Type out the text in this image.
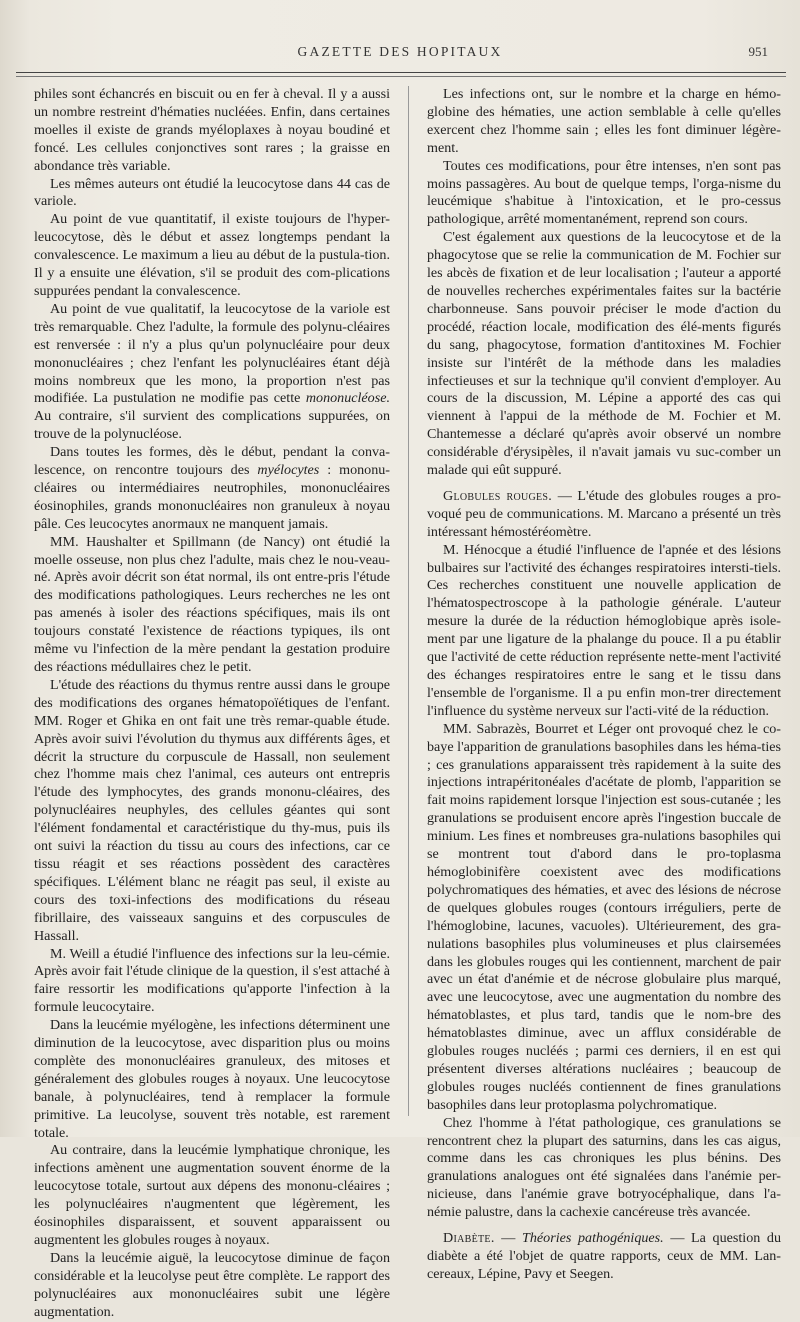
GAZETTE DES HOPITAUX	951

philes sont échancrés en biscuit ou en fer à cheval. Il y a aussi un nombre restreint d'hématies nucléées. Enfin, dans certaines moelles il existe de grands myéloplaxes à noyau boudiné et foncé. Les cellules conjonctives sont rares ; la graisse en abondance très variable.

Les mêmes auteurs ont étudié la leucocytose dans 44 cas de variole.

Au point de vue quantitatif, il existe toujours de l'hyper-leucocytose, dès le début et assez longtemps pendant la convalescence. Le maximum a lieu au début de la pustula-tion. Il y a ensuite une élévation, s'il se produit des com-plications suppurées pendant la convalescence.

Au point de vue qualitatif, la leucocytose de la variole est très remarquable. Chez l'adulte, la formule des polynu-cléaires est renversée : il n'y a plus qu'un polynucléaire pour deux mononucléaires ; chez l'enfant les polynucléaires étant déjà moins nombreux que les mono, la proportion n'est pas modifiée. La pustulation ne modifie pas cette mononucléose. Au contraire, s'il survient des complications suppurées, on trouve de la polynucléose.

Dans toutes les formes, dès le début, pendant la conva-lescence, on rencontre toujours des myélocytes : mononu-cléaires ou intermédiaires neutrophiles, mononucléaires éosinophiles, grands mononucléaires non granuleux à noyau pâle. Ces leucocytes anormaux ne manquent jamais.

MM. Haushalter et Spillmann (de Nancy) ont étudié la moelle osseuse, non plus chez l'adulte, mais chez le nou-veau-né. Après avoir décrit son état normal, ils ont entre-pris l'étude des modifications pathologiques. Leurs recherches ne les ont pas amenés à isoler des réactions spécifiques, mais ils ont toujours constaté l'existence de réactions typiques, ils ont même vu l'infection de la mère pendant la gestation produire des réactions médullaires chez le petit.

L'étude des réactions du thymus rentre aussi dans le groupe des modifications des organes hématopoïétiques de l'enfant. MM. Roger et Ghika en ont fait une très remar-quable étude. Après avoir suivi l'évolution du thymus aux différents âges, et décrit la structure du corpuscule de Hassall, non seulement chez l'homme mais chez l'animal, ces auteurs ont entrepris l'étude des lymphocytes, des grands mononu-cléaires, des polynucléaires neuphyles, des cellules géantes qui sont l'élément fondamental et caractéristique du thy-mus, puis ils ont suivi la réaction du tissu au cours des infections, car ce tissu réagit et ses réactions possèdent des caractères spécifiques. L'élément blanc ne réagit pas seul, il existe au cours des toxi-infections des modifications du réseau fibrillaire, des vaisseaux sanguins et des corpuscules de Hassall.

M. Weill a étudié l'influence des infections sur la leu-cémie. Après avoir fait l'étude clinique de la question, il s'est attaché à faire ressortir les modifications qu'apporte l'infection à la formule leucocytaire.

Dans la leucémie myélogène, les infections déterminent une diminution de la leucocytose, avec disparition plus ou moins complète des mononucléaires granuleux, des mitoses et généralement des globules rouges à noyaux. Une leucocytose banale, à polynucléaires, tend à remplacer la formule primitive. La leucolyse, souvent très notable, est rarement totale.

Au contraire, dans la leucémie lymphatique chronique, les infections amènent une augmentation souvent énorme de la leucocytose totale, surtout aux dépens des mononu-cléaires ; les polynucléaires n'augmentent que légèrement, les éosinophiles disparaissent, et souvent apparaissent ou augmentent les globules rouges à noyaux.

Dans la leucémie aiguë, la leucocytose diminue de façon considérable et la leucolyse peut être complète. Le rapport des polynucléaires aux mononucléaires subit une légère augmentation.

Les infections ont, sur le nombre et la charge en hémo-globine des hématies, une action semblable à celle qu'elles exercent chez l'homme sain ; elles les font diminuer légère-ment.

Toutes ces modifications, pour être intenses, n'en sont pas moins passagères. Au bout de quelque temps, l'orga-nisme du leucémique s'habitue à l'intoxication, et le pro-cessus pathologique, arrêté momentanément, reprend son cours.

C'est également aux questions de la leucocytose et de la phagocytose que se relie la communication de M. Fochier sur les abcès de fixation et de leur localisation ; l'auteur a apporté de nouvelles recherches expérimentales faites sur la bactérie charbonneuse. Sans pouvoir préciser le mode d'action du procédé, réaction locale, modification des élé-ments figurés du sang, phagocytose, formation d'antitoxines M. Fochier insiste sur l'intérêt de la méthode dans les maladies infectieuses et sur la technique qu'il convient d'employer. Au cours de la discussion, M. Lépine a apporté des cas qui viennent à l'appui de la méthode de M. Fochier et M. Chantemesse a déclaré qu'après avoir observé un nombre considérable d'érysipèles, il n'avait jamais vu suc-comber un malade qui eût suppuré.

Globules rouges. — L'étude des globules rouges a pro-voqué peu de communications. M. Marcano a présenté un très intéressant hémostéréomètre.

M. Hénocque a étudié l'influence de l'apnée et des lésions bulbaires sur l'activité des échanges respiratoires intersti-tiels. Ces recherches constituent une nouvelle application de l'hématospectroscope à la pathologie générale. L'auteur mesure la durée de la réduction hémoglobique après isole-ment par une ligature de la phalange du pouce. Il a pu établir que l'activité de cette réduction représente nette-ment l'activité des échanges respiratoires entre le sang et le tissu dans l'ensemble de l'organisme. Il a pu enfin mon-trer directement l'influence du système nerveux sur l'acti-vité de la réduction.

MM. Sabrazès, Bourret et Léger ont provoqué chez le co-baye l'apparition de granulations basophiles dans les héma-ties ; ces granulations apparaissent très rapidement à la suite des injections intrapéritonéales d'acétate de plomb, l'apparition se fait moins rapidement lorsque l'injection est sous-cutanée ; les granulations se produisent encore après l'ingestion buccale de minium. Les fines et nombreuses gra-nulations basophiles qui se montrent tout d'abord dans le pro-toplasma hémoglobinifère coexistent avec des modifications polychromatiques des hématies, et avec des lésions de nécrose de quelques globules rouges (contours irréguliers, perte de l'hémoglobine, lacunes, vacuoles). Ultérieurement, des gra-nulations basophiles plus volumineuses et plus clairsemées dans les globules rouges qui les contiennent, marchent de pair avec un état d'anémie et de nécrose globulaire plus marqué, avec une leucocytose, avec une augmentation du nombre des hématoblastes, et plus tard, tandis que le nom-bre des hématoblastes diminue, avec un afflux considérable de globules rouges nucléés ; parmi ces derniers, il en est qui présentent diverses altérations nucléaires ; beaucoup de globules rouges nucléés contiennent de fines granulations basophiles dans leur protoplasma polychromatique.

Chez l'homme à l'état pathologique, ces granulations se rencontrent chez la plupart des saturnins, dans les cas aigus, comme dans les cas chroniques les plus bénins. Des granulations analogues ont été signalées dans l'anémie per-nicieuse, dans l'anémie grave botryocéphalique, dans l'a-némie palustre, dans la cachexie cancéreuse très avancée.

Diabète. — Théories pathogéniques. — La question du diabète a été l'objet de quatre rapports, ceux de MM. Lan-cereaux, Lépine, Pavy et Seegen.
